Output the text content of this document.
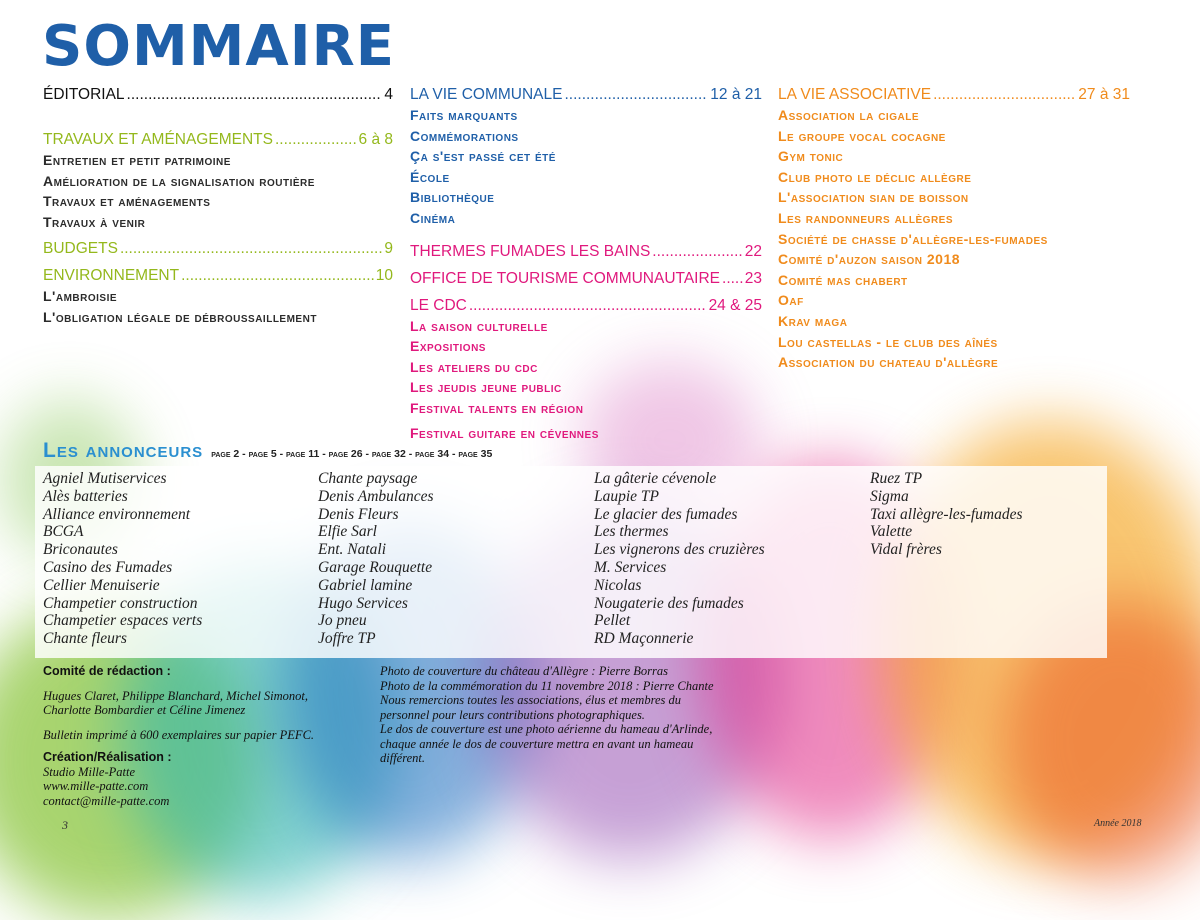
SOMMAIRE
ÉDITORIAL .....	4
TRAVAUX ET AMÉNAGEMENTS .....	6 à 8
Entretien et petit patrimoine
Amélioration de la signalisation routière
Travaux et aménagements
Travaux à venir
BUDGETS .....	9
ENVIRONNEMENT .....	10
L'ambroisie
L'obligation légale de débroussaillement
LA VIE COMMUNALE .....	12 à 21
Faits marquants
Commémorations
Ça s'est passé cet été
École
Bibliothèque
Cinéma
THERMES FUMADES LES BAINS .....	22
OFFICE DE TOURISME COMMUNAUTAIRE ..... 23
LE CDC .....	24 & 25
La saison culturelle
Expositions
Les ateliers du cdc
Les jeudis jeune public
Festival talents en région
Festival guitare en cévennes
LA VIE ASSOCIATIVE .....	27 à 31
Association la cigale
Le groupe vocal cocagne
Gym tonic
Club photo le déclic allègre
L'association sian de boisson
Les randonneurs allègres
Société de chasse d'allègre-les-fumades
Comité d'auzon saison 2018
Comité mas chabert
Oaf
Krav maga
Lou castellas - le club des aînés
Association du chateau d'allègre
Les annonceurs page 2 - page 5 - page 11 - page 26 - page 32 - page 34 - page 35
Agniel Mutiservices
Alès batteries
Alliance environnement
BCGA
Briconautes
Casino des Fumades
Cellier Menuiserie
Champetier construction
Champetier espaces verts
Chante fleurs
Chante paysage
Denis Ambulances
Denis Fleurs
Elfie Sarl
Ent. Natali
Garage Rouquette
Gabriel lamine
Hugo Services
Jo pneu
Joffre TP
La gâterie cévenole
Laupie TP
Le glacier des fumades
Les thermes
Les vignerons des cruzières
M. Services
Nicolas
Nougaterie des fumades
Pellet
RD Maçonnerie
Ruez TP
Sigma
Taxi allègre-les-fumades
Valette
Vidal frères
Comité de rédaction :
Hugues Claret, Philippe Blanchard, Michel Simonot,
Charlotte Bombardier et Céline Jimenez
Bulletin imprimé à 600 exemplaires sur papier PEFC.
Création/Réalisation :
Studio Mille-Patte
www.mille-patte.com
contact@mille-patte.com
Photo de couverture du château d'Allègre : Pierre Borras
Photo de la commémoration du 11 novembre 2018 : Pierre Chante
Nous remercions toutes les associations, élus et membres du
personnel pour leurs contributions photographiques.
Le dos de couverture est une photo aérienne du hameau d'Arlinde,
chaque année le dos de couverture mettra en avant un hameau
différent.
3	Année 2018
